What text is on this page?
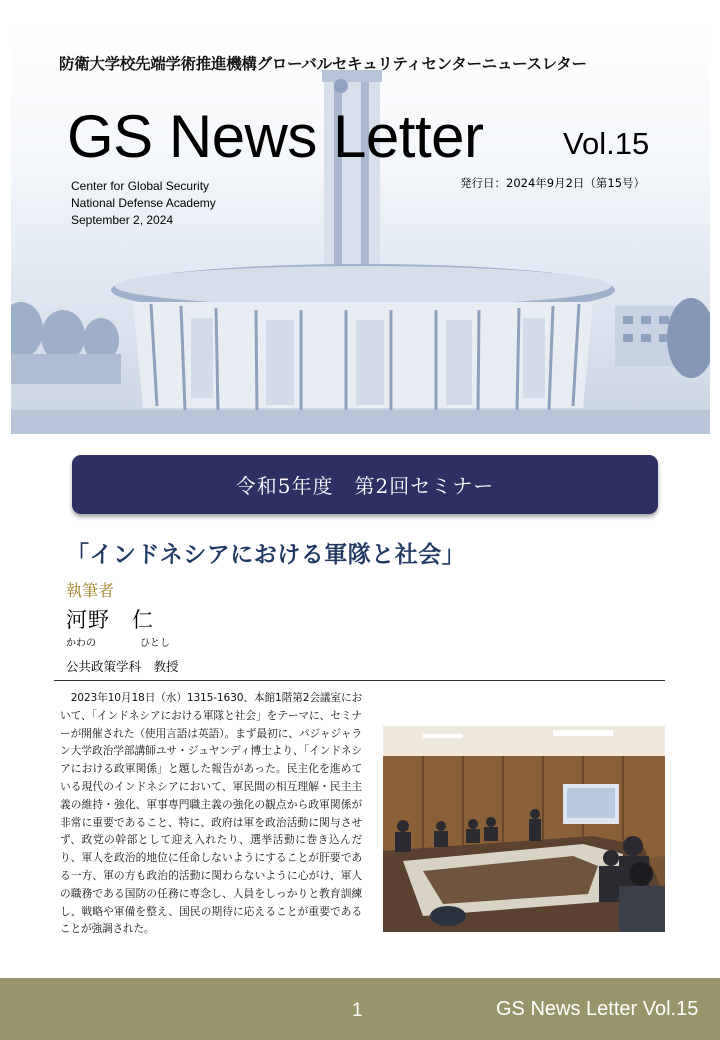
防衛大学校先端学術推進機構グローバルセキュリティセンターニュースレター
GS News Letter	Vol.15
Center for Global Security
National Defense Academy
September 2, 2024
発行日：2024年9月2日（第15号）
令和5年度　第2回セミナー
「インドネシアにおける軍隊と社会」
執筆者
河野　仁
かわの	ひとし
公共政策学科　教授
2023年10月18日（水）1315-1630、本館1階第2会議室において、「インドネシアにおける軍隊と社会」をテーマに、セミナーが開催された（使用言語は英語）。まず最初に、パジャジャラン大学政治学部講師ユサ・ジュヤンディ博士より、「インドネシアにおける政軍関係」と題した報告があった。民主化を進めている現代のインドネシアにおいて、軍民間の相互理解・民主主義の維持・強化、軍事専門職主義の強化の観点から政軍関係が非常に重要であること、特に、政府は軍を政治活動に関与させず、政党の幹部として迎え入れたり、選挙活動に巻き込んだり、軍人を政治的地位に任命しないようにすることが肝要である一方、軍の方も政治的活動に関わらないように心がけ、軍人の職務である国防の任務に専念し、人員をしっかりと教育訓練し、戦略や軍備を整え、国民の期待に応えることが重要であることが強調された。
1	GS News Letter Vol.15
